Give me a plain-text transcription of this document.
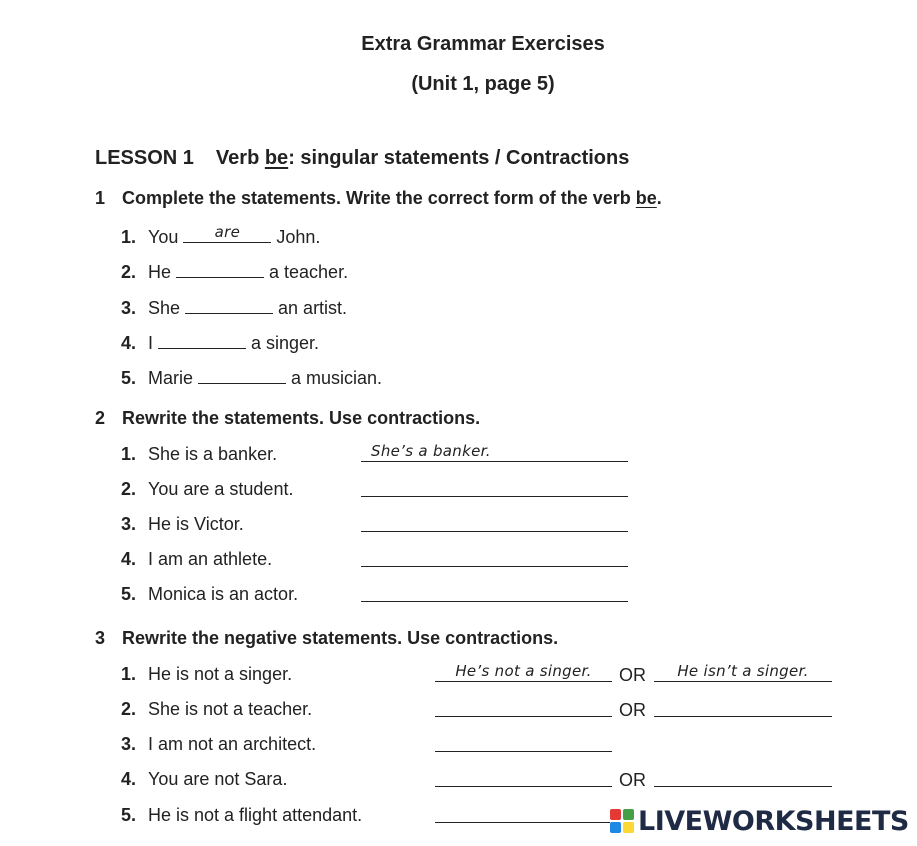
Extra Grammar Exercises
(Unit 1, page 5)
LESSON 1 Verb be: singular statements / Contractions
1 Complete the statements. Write the correct form of the verb be.
1. You	are	John.
2. He	a teacher.
3. She	an artist.
4. I	a singer.
5. Marie	a musician.
2 Rewrite the statements. Use contractions.
1. She is a banker.	She’s a banker.
2. You are a student.
3. He is Victor.
4. I am an athlete.
5. Monica is an actor.
3 Rewrite the negative statements. Use contractions.
1. He is not a singer.	He’s not a singer.	OR	He isn’t a singer.
2. She is not a teacher.	OR
3. I am not an architect.
4. You are not Sara.	OR
5. He is not a flight attendant.	LIVEWORKSHEETS
